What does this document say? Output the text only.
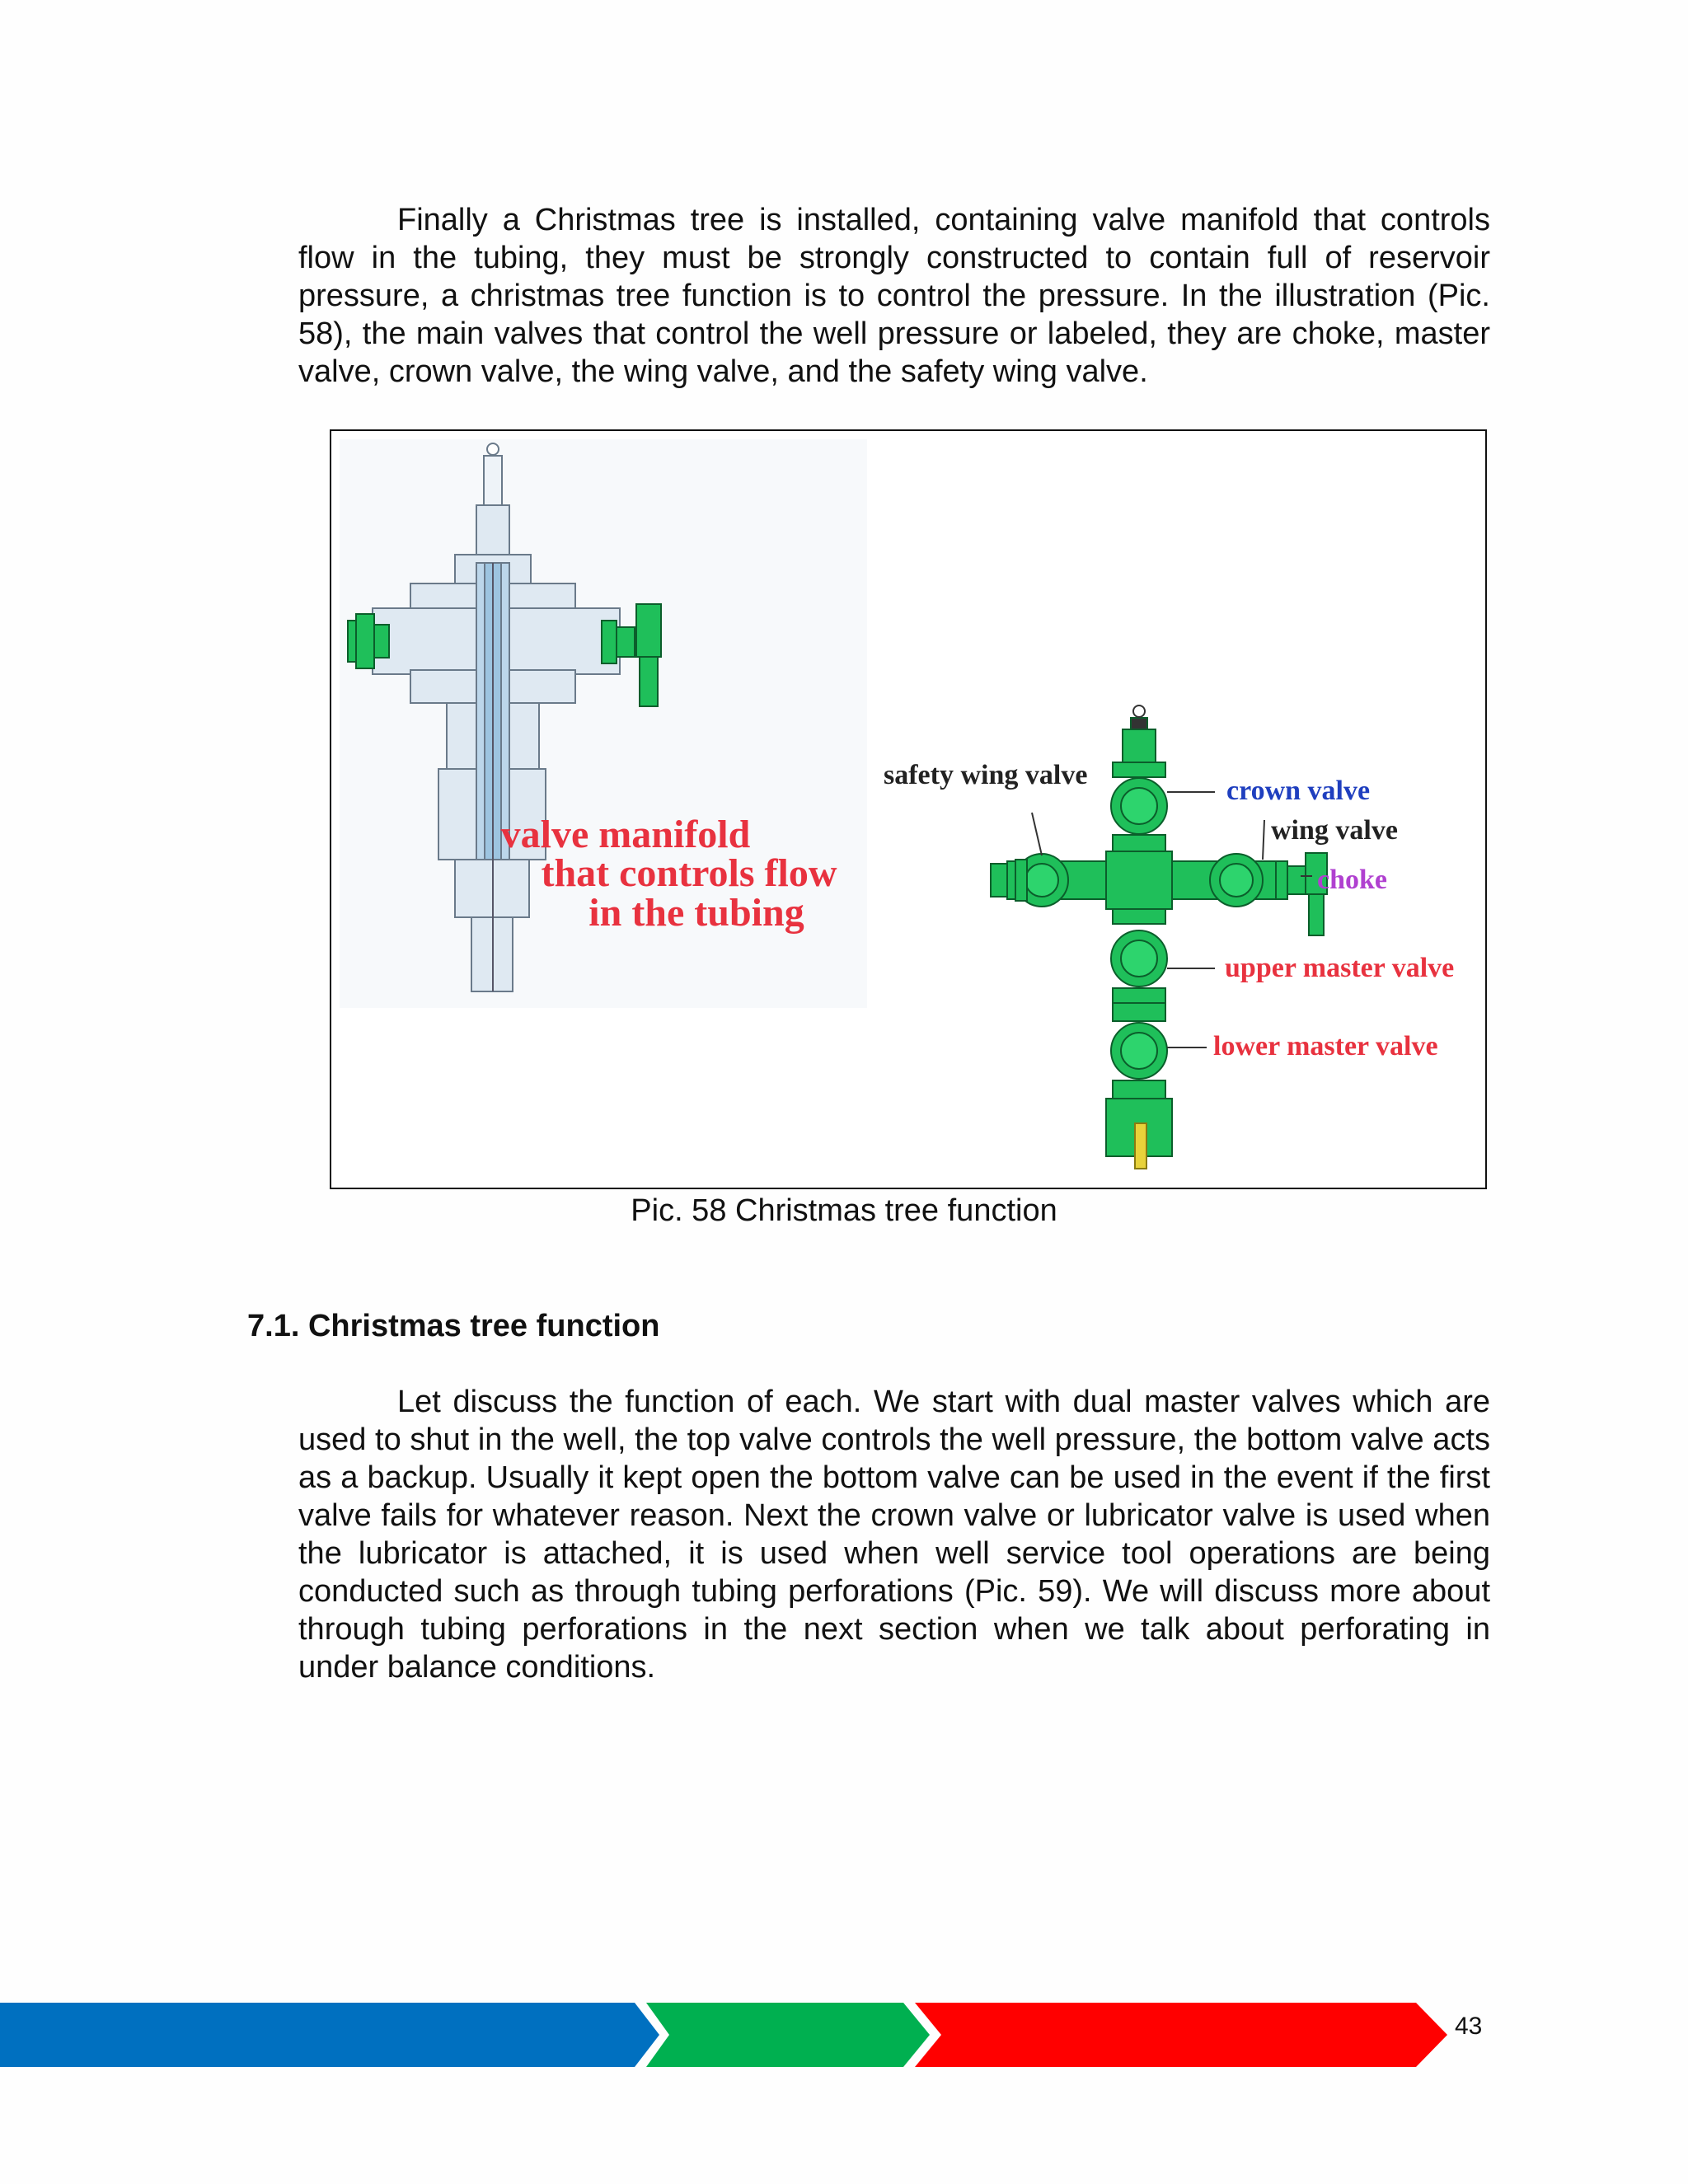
Finally a Christmas tree is installed, containing valve manifold that controls flow in the tubing, they must be strongly constructed to contain full of reservoir pressure, a christmas tree function is to control the pressure. In the illustration (Pic. 58), the main valves that control the well pressure or labeled, they are choke, master valve, crown valve, the wing valve, and the safety wing valve.

valve manifold that controls flow in the tubing
safety wing valve
crown valve
wing valve
choke
upper master valve
lower master valve
Pic. 58 Christmas tree function
7.1. Christmas tree function

Let discuss the function of each. We start with dual master valves which are used to shut in the well, the top valve controls the well pressure, the bottom valve acts as a backup. Usually it kept open the bottom valve can be used in the event if the first valve fails for whatever reason. Next the crown valve or lubricator valve is used when the lubricator is attached, it is used when well service tool operations are being conducted such as through tubing perforations (Pic. 59). We will discuss more about through tubing perforations in the next section when we talk about perforating in under balance conditions.

43
